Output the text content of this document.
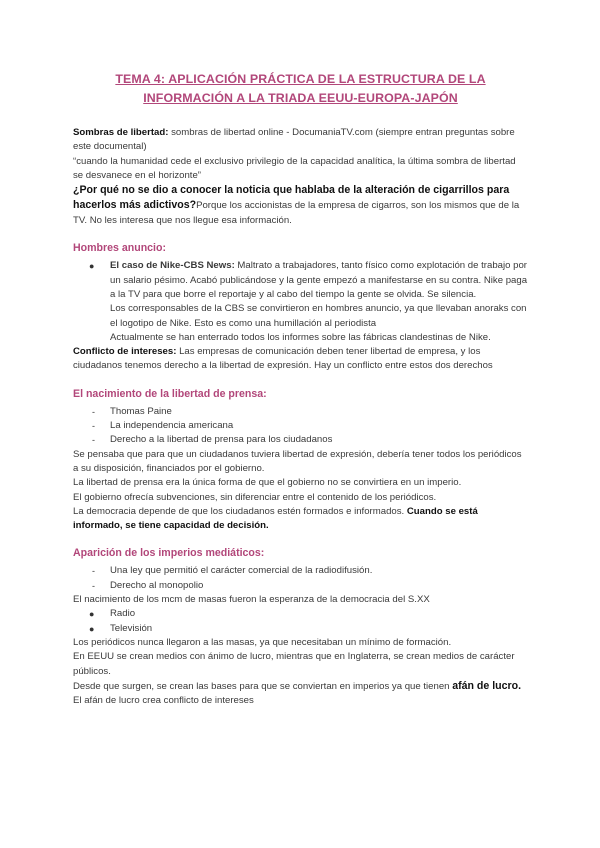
TEMA 4: APLICACIÓN PRÁCTICA DE LA ESTRUCTURA DE LA
INFORMACIÓN A LA TRIADA EEUU-EUROPA-JAPÓN

Sombras de libertad: sombras de libertad online - DocumaniaTV.com (siempre entran preguntas sobre este documental)

“cuando la humanidad cede el exclusivo privilegio de la capacidad analítica, la última sombra de libertad se desvanece en el horizonte”

¿Por qué no se dio a conocer la noticia que hablaba de la alteración de cigarrillos para hacerlos más adictivos?Porque los accionistas de la empresa de cigarros, son los mismos que de la TV. No les interesa que nos llegue esa información.

Hombres anuncio:

● El caso de Nike-CBS News: Maltrato a trabajadores, tanto físico como explotación de trabajo por un salario pésimo. Acabó publicándose y la gente empezó a manifestarse en su contra. Nike paga a la TV para que borre el reportaje y al cabo del tiempo la gente se olvida. Se silencia.

Los corresponsables de la CBS se convirtieron en hombres anuncio, ya que llevaban anoraks con el logotipo de Nike. Esto es como una humillación al periodista

Actualmente se han enterrado todos los informes sobre las fábricas clandestinas de Nike.

Conflicto de intereses: Las empresas de comunicación deben tener libertad de empresa, y los ciudadanos tenemos derecho a la libertad de expresión. Hay un conflicto entre estos dos derechos

El nacimiento de la libertad de prensa:

- Thomas Paine
- La independencia americana
- Derecho a la libertad de prensa para los ciudadanos

Se pensaba que para que un ciudadanos tuviera libertad de expresión, debería tener todos los periódicos a su disposición, financiados por el gobierno.

La libertad de prensa era la única forma de que el gobierno no se convirtiera en un imperio.

El gobierno ofrecía subvenciones, sin diferenciar entre el contenido de los periódicos.

La democracia depende de que los ciudadanos estén formados e informados. Cuando se está informado, se tiene capacidad de decisión.

Aparición de los imperios mediáticos:

- Una ley que permitió el carácter comercial de la radiodifusión.
- Derecho al monopolio

El nacimiento de los mcm de masas fueron la esperanza de la democracia del S.XX

● Radio
● Televisión

Los periódicos nunca llegaron a las masas, ya que necesitaban un mínimo de formación.

En EEUU se crean medios con ánimo de lucro, mientras que en Inglaterra, se crean medios de carácter públicos.

Desde que surgen, se crean las bases para que se conviertan en imperios ya que tienen afán de lucro. El afán de lucro crea conflicto de intereses
